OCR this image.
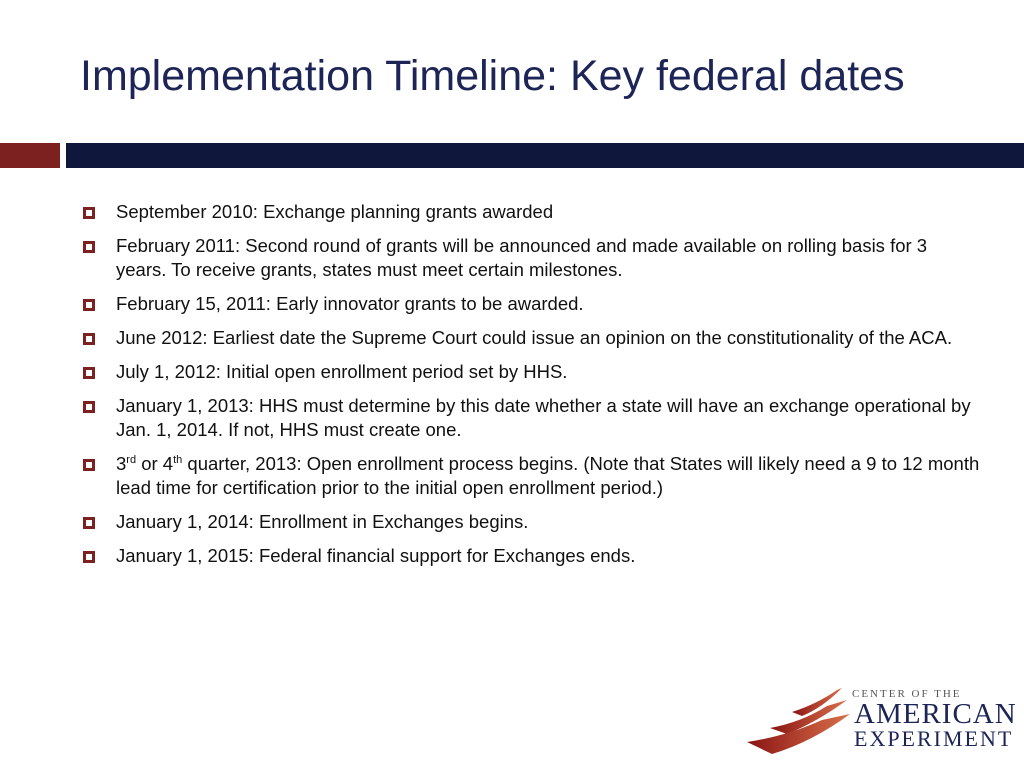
Implementation Timeline: Key federal dates
September 2010: Exchange planning grants awarded
February 2011: Second round of grants will be announced and made available on rolling basis for 3 years. To receive grants, states must meet certain milestones.
February 15, 2011: Early innovator grants to be awarded.
June 2012: Earliest date the Supreme Court could issue an opinion on the constitutionality of the ACA.
July 1, 2012: Initial open enrollment period set by HHS.
January 1, 2013: HHS must determine by this date whether a state will have an exchange operational by Jan. 1, 2014. If not, HHS must create one.
3rd or 4th quarter, 2013: Open enrollment process begins. (Note that States will likely need a 9 to 12 month lead time for certification prior to the initial open enrollment period.)
January 1, 2014: Enrollment in Exchanges begins.
January 1, 2015: Federal financial support for Exchanges ends.
CENTER OF THE
AMERICAN
EXPERIMENT
